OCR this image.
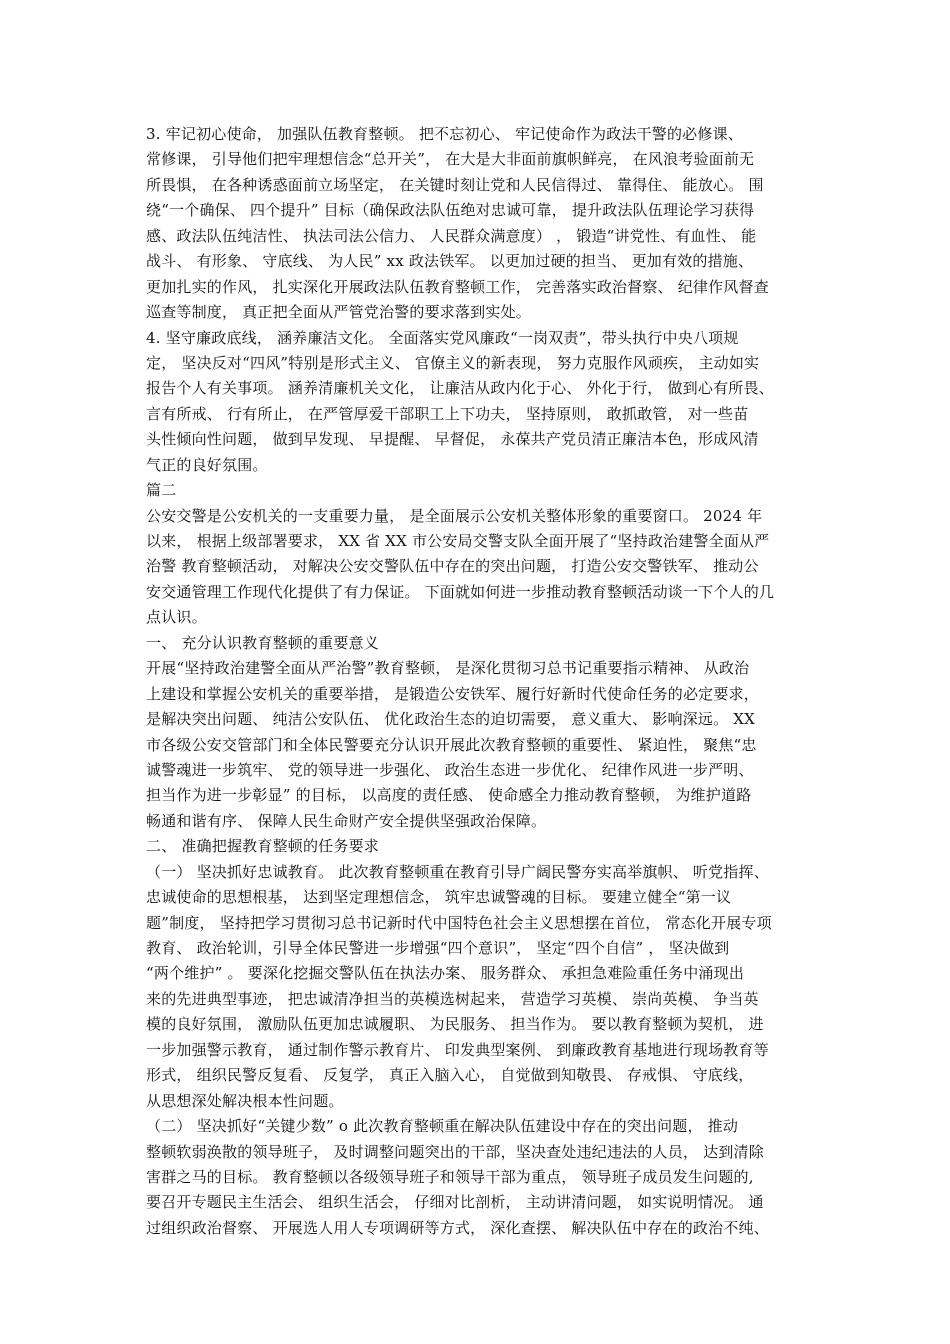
3. 牢记初心使命， 加强队伍教育整顿。 把不忘初心、 牢记使命作为政法干警的必修课、
常修课， 引导他们把牢理想信念“总开关”， 在大是大非面前旗帜鲜亮， 在风浪考验面前无
所畏惧， 在各种诱惑面前立场坚定， 在关键时刻让党和人民信得过、 靠得住、 能放心。 围
绕“一个确保、 四个提升” 目标（确保政法队伍绝对忠诚可靠， 提升政法队伍理论学习获得
感、政法队伍纯洁性、 执法司法公信力、 人民群众满意度） ， 锻造“讲党性、有血性、 能
战斗、 有形象、 守底线、 为人民” xx 政法铁军。 以更加过硬的担当、 更加有效的措施、
更加扎实的作风， 扎实深化开展政法队伍教育整顿工作， 完善落实政治督察、 纪律作风督查
巡查等制度， 真正把全面从严管党治警的要求落到实处。
4. 坚守廉政底线， 涵养廉洁文化。 全面落实党风廉政“一岗双责”，带头执行中央八项规
定， 坚决反对“四风”特别是形式主义、 官僚主义的新表现， 努力克服作风顽疾， 主动如实
报告个人有关事项。 涵养清廉机关文化， 让廉洁从政内化于心、 外化于行， 做到心有所畏、
言有所戒、 行有所止， 在严管厚爱干部职工上下功夫， 坚持原则， 敢抓敢管， 对一些苗
头性倾向性问题， 做到早发现、 早提醒、 早督促， 永葆共产党员清正廉洁本色，形成风清
气正的良好氛围。
篇二
公安交警是公安机关的一支重要力量， 是全面展示公安机关整体形象的重要窗口。 2024 年
以来， 根据上级部署要求， XX 省 XX 市公安局交警支队全面开展了“坚持政治建警全面从严
治警 教育整顿活动， 对解决公安交警队伍中存在的突出问题， 打造公安交警铁军、 推动公
安交通管理工作现代化提供了有力保证。 下面就如何进一步推动教育整顿活动谈一下个人的几
点认识。
一、 充分认识教育整顿的重要意义
开展“坚持政治建警全面从严治警”教育整顿， 是深化贯彻习总书记重要指示精神、 从政治
上建设和掌握公安机关的重要举措， 是锻造公安铁军、履行好新时代使命任务的必定要求，
是解决突出问题、 纯洁公安队伍、 优化政治生态的迫切需要， 意义重大、 影响深远。 XX
市各级公安交管部门和全体民警要充分认识开展此次教育整顿的重要性、 紧迫性， 聚焦“忠
诚警魂进一步筑牢、 党的领导进一步强化、 政治生态进一步优化、 纪律作风进一步严明、
担当作为进一步彰显” 的目标， 以高度的责任感、 使命感全力推动教育整顿， 为维护道路
畅通和谐有序、 保障人民生命财产安全提供坚强政治保障。
二、 准确把握教育整顿的任务要求
（一） 坚决抓好忠诚教育。 此次教育整顿重在教育引导广阔民警夯实高举旗帜、 听党指挥、
忠诚使命的思想根基， 达到坚定理想信念， 筑牢忠诚警魂的目标。 要建立健全“第一议
题”制度， 坚持把学习贯彻习总书记新时代中国特色社会主义思想摆在首位， 常态化开展专项
教育、 政治轮训，引导全体民警进一步增强“四个意识”， 坚定“四个自信” ， 坚决做到
“两个维护” 。 要深化挖掘交警队伍在执法办案、 服务群众、 承担急难险重任务中涌现出
来的先进典型事迹， 把忠诚清净担当的英模选树起来， 营造学习英模、 崇尚英模、 争当英
模的良好氛围， 激励队伍更加忠诚履职、 为民服务、 担当作为。 要以教育整顿为契机， 进
一步加强警示教育， 通过制作警示教育片、 印发典型案例、 到廉政教育基地进行现场教育等
形式， 组织民警反复看、 反复学， 真正入脑入心， 自觉做到知敬畏、 存戒惧、 守底线，
从思想深处解决根本性问题。
（二） 坚决抓好“关键少数” o 此次教育整顿重在解决队伍建设中存在的突出问题， 推动
整顿软弱涣散的领导班子， 及时调整问题突出的干部，坚决查处违纪违法的人员， 达到清除
害群之马的目标。 教育整顿以各级领导班子和领导干部为重点， 领导班子成员发生问题的,
要召开专题民主生活会、 组织生活会， 仔细对比剖析， 主动讲清问题， 如实说明情况。 通
过组织政治督察、 开展选人用人专项调研等方式， 深化查摆、 解决队伍中存在的政治不纯、
